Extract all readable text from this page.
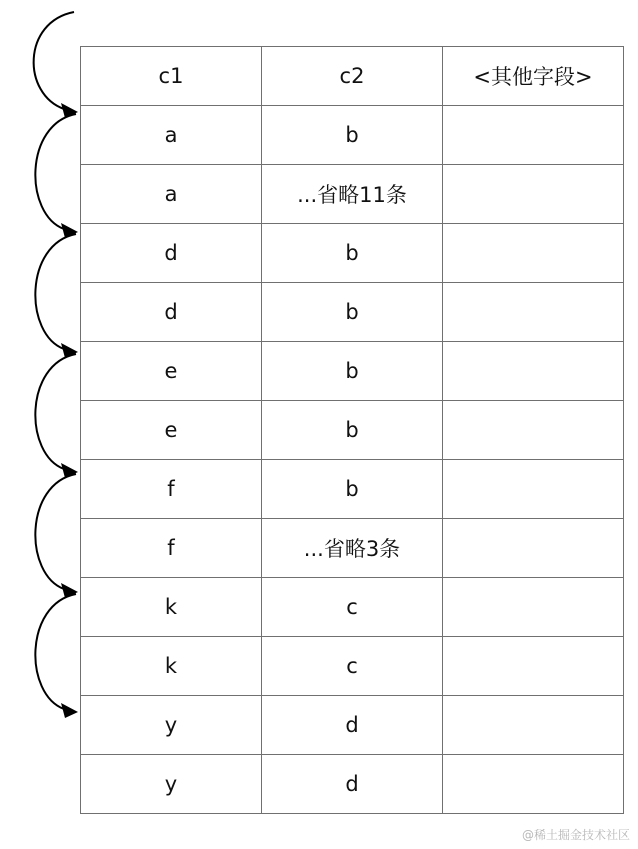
c1	c2	<其他字段>
a	b	
a	...省略11条	
d	b	
d	b	
e	b	
e	b	
f	b	
f	...省略3条	
k	c	
k	c	
y	d	
y	d	
@稀土掘金技术社区
